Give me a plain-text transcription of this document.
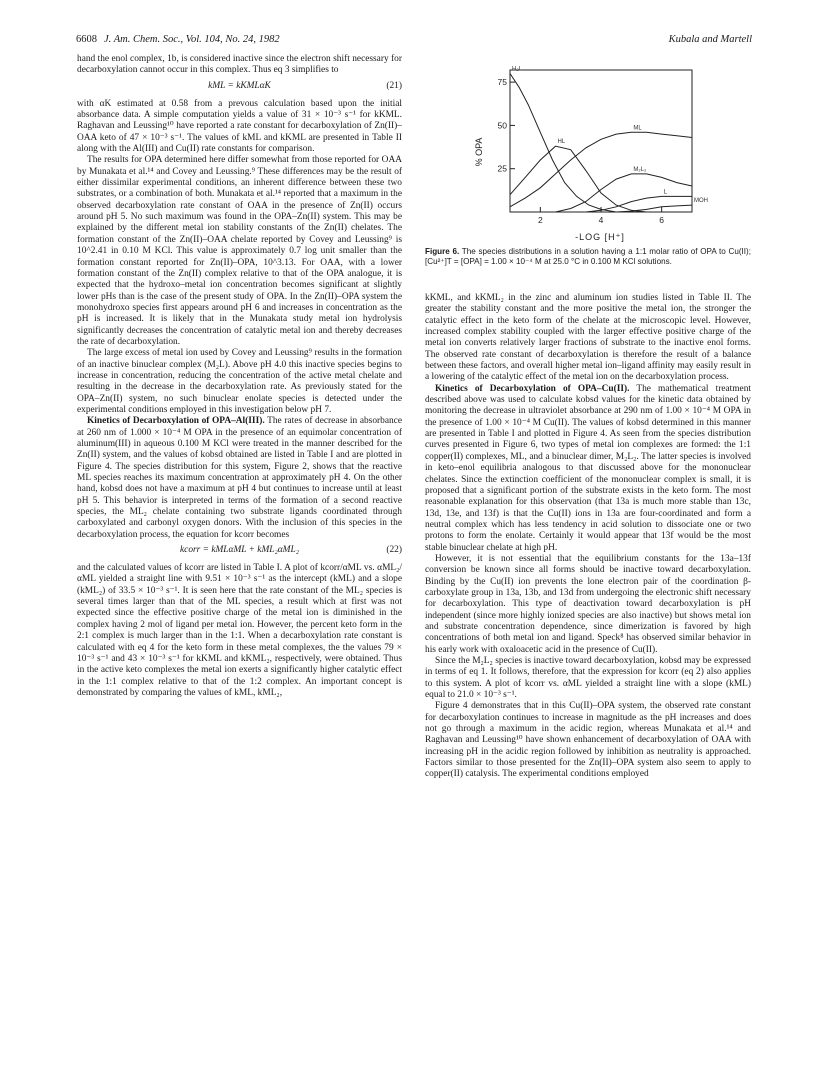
6608 J. Am. Chem. Soc., Vol. 104, No. 24, 1982	Kubala and Martell

hand the enol complex, 1b, is considered inactive since the electron shift necessary for decarboxylation cannot occur in this complex. Thus eq 3 simplifies to

kML = kKMLαK	(21)

with αK estimated at 0.58 from a prevous calculation based upon the initial absorbance data. A simple computation yields a value of 31 × 10⁻³ s⁻¹ for kKML. Raghavan and Leussing¹⁰ have reported a rate constant for decarboxylation of Zn(II)–OAA keto of 47 × 10⁻³ s⁻¹. The values of kML and kKML are presented in Table II along with the Al(III) and Cu(II) rate constants for comparison.

The results for OPA determined here differ somewhat from those reported for OAA by Munakata et al.¹⁴ and Covey and Leussing.⁹ These differences may be the result of either dissimilar experimental conditions, an inherent difference between these two substrates, or a combination of both. Munakata et al.¹⁴ reported that a maximum in the observed decarboxylation rate constant of OAA in the presence of Zn(II) occurs around pH 5. No such maximum was found in the OPA–Zn(II) system. This may be explained by the different metal ion stability constants of the Zn(II) chelates. The formation constant of the Zn(II)–OAA chelate reported by Covey and Leussing⁹ is 10^2.41 in 0.10 M KCl. This value is approximately 0.7 log unit smaller than the formation constant reported for Zn(II)–OPA, 10^3.13. For OAA, with a lower formation constant of the Zn(II) complex relative to that of the OPA analogue, it is expected that the hydroxo–metal ion concentration becomes significant at slightly lower pHs than is the case of the present study of OPA. In the Zn(II)–OPA system the monohydroxo species first appears around pH 6 and increases in concentration as the pH is increased. It is likely that in the Munakata study metal ion hydrolysis significantly decreases the concentration of catalytic metal ion and thereby decreases the rate of decarboxylation.

The large excess of metal ion used by Covey and Leussing⁹ results in the formation of an inactive binuclear complex (M₂L). Above pH 4.0 this inactive species begins to increase in concentration, reducing the concentration of the active metal chelate and resulting in the decrease in the decarboxylation rate. As previously stated for the OPA–Zn(II) system, no such binuclear enolate species is detected under the experimental conditions employed in this investigation below pH 7.

Kinetics of Decarboxylation of OPA–Al(III). The rates of decrease in absorbance at 260 nm of 1.000 × 10⁻⁴ M OPA in the presence of an equimolar concentration of aluminum(III) in aqueous 0.100 M KCl were treated in the manner described for the Zn(II) system, and the values of kobsd obtained are listed in Table I and are plotted in Figure 4. The species distribution for this system, Figure 2, shows that the reactive ML species reaches its maximum concentration at approximately pH 4. On the other hand, kobsd does not have a maximum at pH 4 but continues to increase until at least pH 5. This behavior is interpreted in terms of the formation of a second reactive species, the ML₂ chelate containing two substrate ligands coordinated through carboxylated and carbonyl oxygen donors. With the inclusion of this species in the decarboxylation process, the equation for kcorr becomes

kcorr = kMLαML + kML₂αML₂	(22)

and the calculated values of kcorr are listed in Table I. A plot of kcorr/αML vs. αML₂/αML yielded a straight line with 9.51 × 10⁻³ s⁻¹ as the intercept (kML) and a slope (kML₂) of 33.5 × 10⁻³ s⁻¹. It is seen here that the rate constant of the ML₂ species is several times larger than that of the ML species, a result which at first was not expected since the effective positive charge of the metal ion is diminished in the complex having 2 mol of ligand per metal ion. However, the percent keto form in the 2:1 complex is much larger than in the 1:1. When a decarboxylation rate constant is calculated with eq 4 for the keto form in these metal complexes, the the values 79 × 10⁻³ s⁻¹ and 43 × 10⁻³ s⁻¹ for kKML and kKML₂, respectively, were obtained. Thus in the active keto complexes the metal ion exerts a significantly higher catalytic effect in the 1:1 complex relative to that of the 1:2 complex. An important concept is demonstrated by comparing the values of kML, kML₂,

H₂L
HL
ML
M₂L₂
L
MOH
25
50
75
2	4	6
% OPA
-LOG [H⁺]
Figure 6. The species distributions in a solution having a 1:1 molar ratio of OPA to Cu(II); [Cu²⁺]T = [OPA] = 1.00 × 10⁻⁴ M at 25.0 °C in 0.100 M KCl solutions.

kKML, and kKML₂ in the zinc and aluminum ion studies listed in Table II. The greater the stability constant and the more positive the metal ion, the stronger the catalytic effect in the keto form of the chelate at the microscopic level. However, increased complex stability coupled with the larger effective positive charge of the metal ion converts relatively larger fractions of substrate to the inactive enol forms. The observed rate constant of decarboxylation is therefore the result of a balance between these factors, and overall higher metal ion–ligand affinity may easily result in a lowering of the catalytic effect of the metal ion on the decarboxylation process.

Kinetics of Decarboxylation of OPA–Cu(II). The mathematical treatment described above was used to calculate kobsd values for the kinetic data obtained by monitoring the decrease in ultraviolet absorbance at 290 nm of 1.00 × 10⁻⁴ M OPA in the presence of 1.00 × 10⁻⁴ M Cu(II). The values of kobsd determined in this manner are presented in Table I and plotted in Figure 4. As seen from the species distribution curves presented in Figure 6, two types of metal ion complexes are formed: the 1:1 copper(II) complexes, ML, and a binuclear dimer, M₂L₂. The latter species is involved in keto–enol equilibria analogous to that discussed above for the mononuclear chelates. Since the extinction coefficient of the mononuclear complex is small, it is proposed that a significant portion of the substrate exists in the keto form. The most reasonable explanation for this observation (that 13a is much more stable than 13c, 13d, 13e, and 13f) is that the Cu(II) ions in 13a are four-coordinated and form a neutral complex which has less tendency in acid solution to dissociate one or two protons to form the enolate. Certainly it would appear that 13f would be the most stable binuclear chelate at high pH.

However, it is not essential that the equilibrium constants for the 13a–13f conversion be known since all forms should be inactive toward decarboxylation. Binding by the Cu(II) ion prevents the lone electron pair of the coordination β-carboxylate group in 13a, 13b, and 13d from undergoing the electronic shift necessary for decarboxylation. This type of deactivation toward decarboxylation is pH independent (since more highly ionized species are also inactive) but shows metal ion and substrate concentration dependence, since dimerization is favored by high concentrations of both metal ion and ligand. Speck⁸ has observed similar behavior in his early work with oxaloacetic acid in the presence of Cu(II).

Since the M₂L₂ species is inactive toward decarboxylation, kobsd may be expressed in terms of eq 1. It follows, therefore, that the expression for kcorr (eq 2) also applies to this system. A plot of kcorr vs. αML yielded a straight line with a slope (kML) equal to 21.0 × 10⁻³ s⁻¹.

Figure 4 demonstrates that in this Cu(II)–OPA system, the observed rate constant for decarboxylation continues to increase in magnitude as the pH increases and does not go through a maximum in the acidic region, whereas Munakata et al.¹⁴ and Raghavan and Leussing¹⁰ have shown enhancement of decarboxylation of OAA with increasing pH in the acidic region followed by inhibition as neutrality is approached. Factors similar to those presented for the Zn(II)–OPA system also seem to apply to copper(II) catalysis. The experimental conditions employed
